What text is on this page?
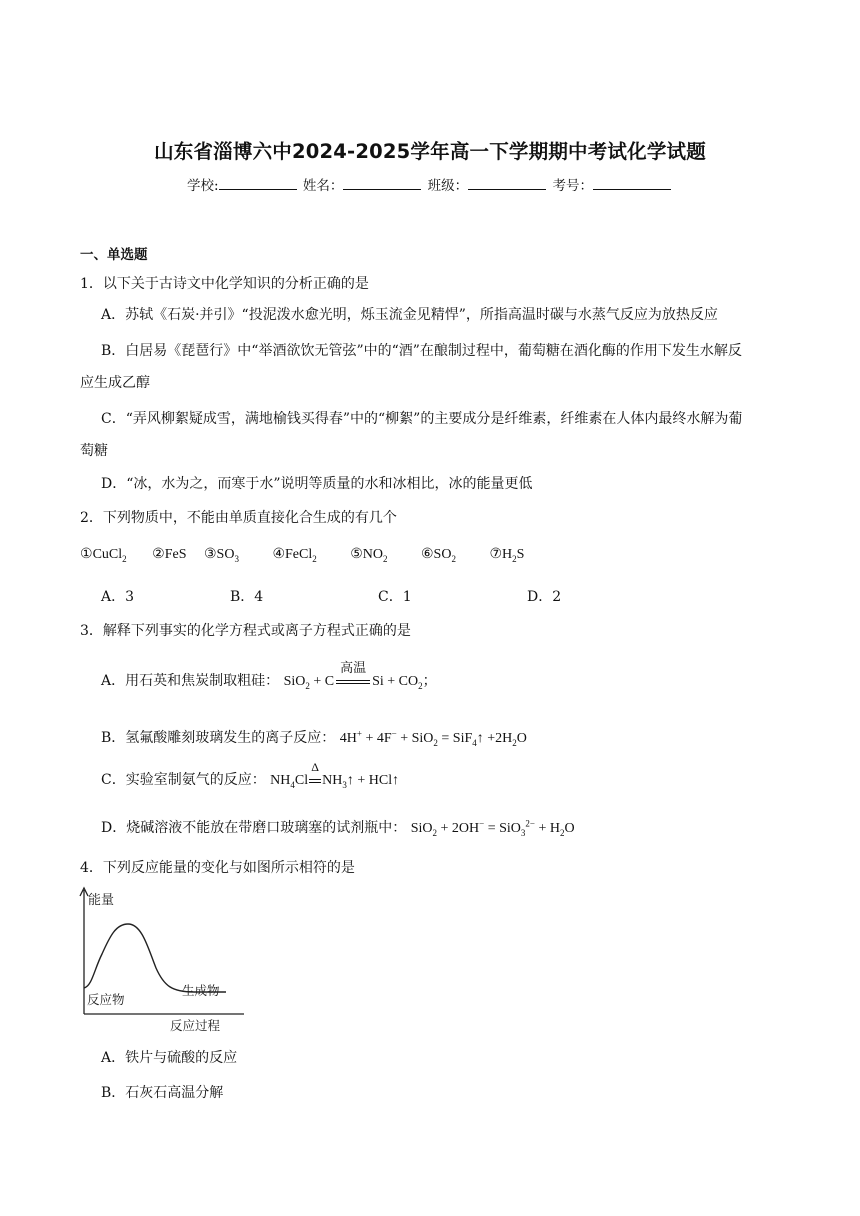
山东省淄博六中2024-2025学年高一下学期期中考试化学试题
学校:	姓名：	班级：	考号：
一、单选题
1．以下关于古诗文中化学知识的分析正确的是
A．苏轼《石炭·并引》“投泥泼水愈光明，烁玉流金见精悍”，所指高温时碳与水蒸气反应为放热反应
B．白居易《琵琶行》中“举酒欲饮无管弦”中的“酒”在酿制过程中，葡萄糖在酒化酶的作用下发生水解反
应生成乙醇
C．“弄风柳絮疑成雪，满地榆钱买得春”中的“柳絮”的主要成分是纤维素，纤维素在人体内最终水解为葡
萄糖
D．“冰，水为之，而寒于水”说明等质量的水和冰相比，冰的能量更低
2．下列物质中，不能由单质直接化合生成的有几个
①CuCl$_2$ ②FeS $③SO_3$ ④FeCl$_2$ $⑤NO_2$ $⑥SO_2$ $⑦H_2S$
A．3	B．4	C．1	D．2
3．解释下列事实的化学方程式或离子方程式正确的是
A．用石英和焦炭制取粗硅： SiO$_2$ + C
高温
$Si + CO_2$；
B．氢氟酸雕刻玻璃发生的离子反应： 4H+ + 4F− + SiO$_2$ = SiF$_4$↑ $+2H_2O$
C．实验室制氨气的反应： $NH_4Cl$
Δ
$NH_3↑$ + HCl↑
D．烧碱溶液不能放在带磨口玻璃塞的试剂瓶中： $SiO_2 + 2OH^- = SiO_3^{2-} + H_2O$
4．下列反应能量的变化与如图所示相符的是
能量
反应物
生成物
反应过程
A．铁片与硫酸的反应
B．石灰石高温分解
